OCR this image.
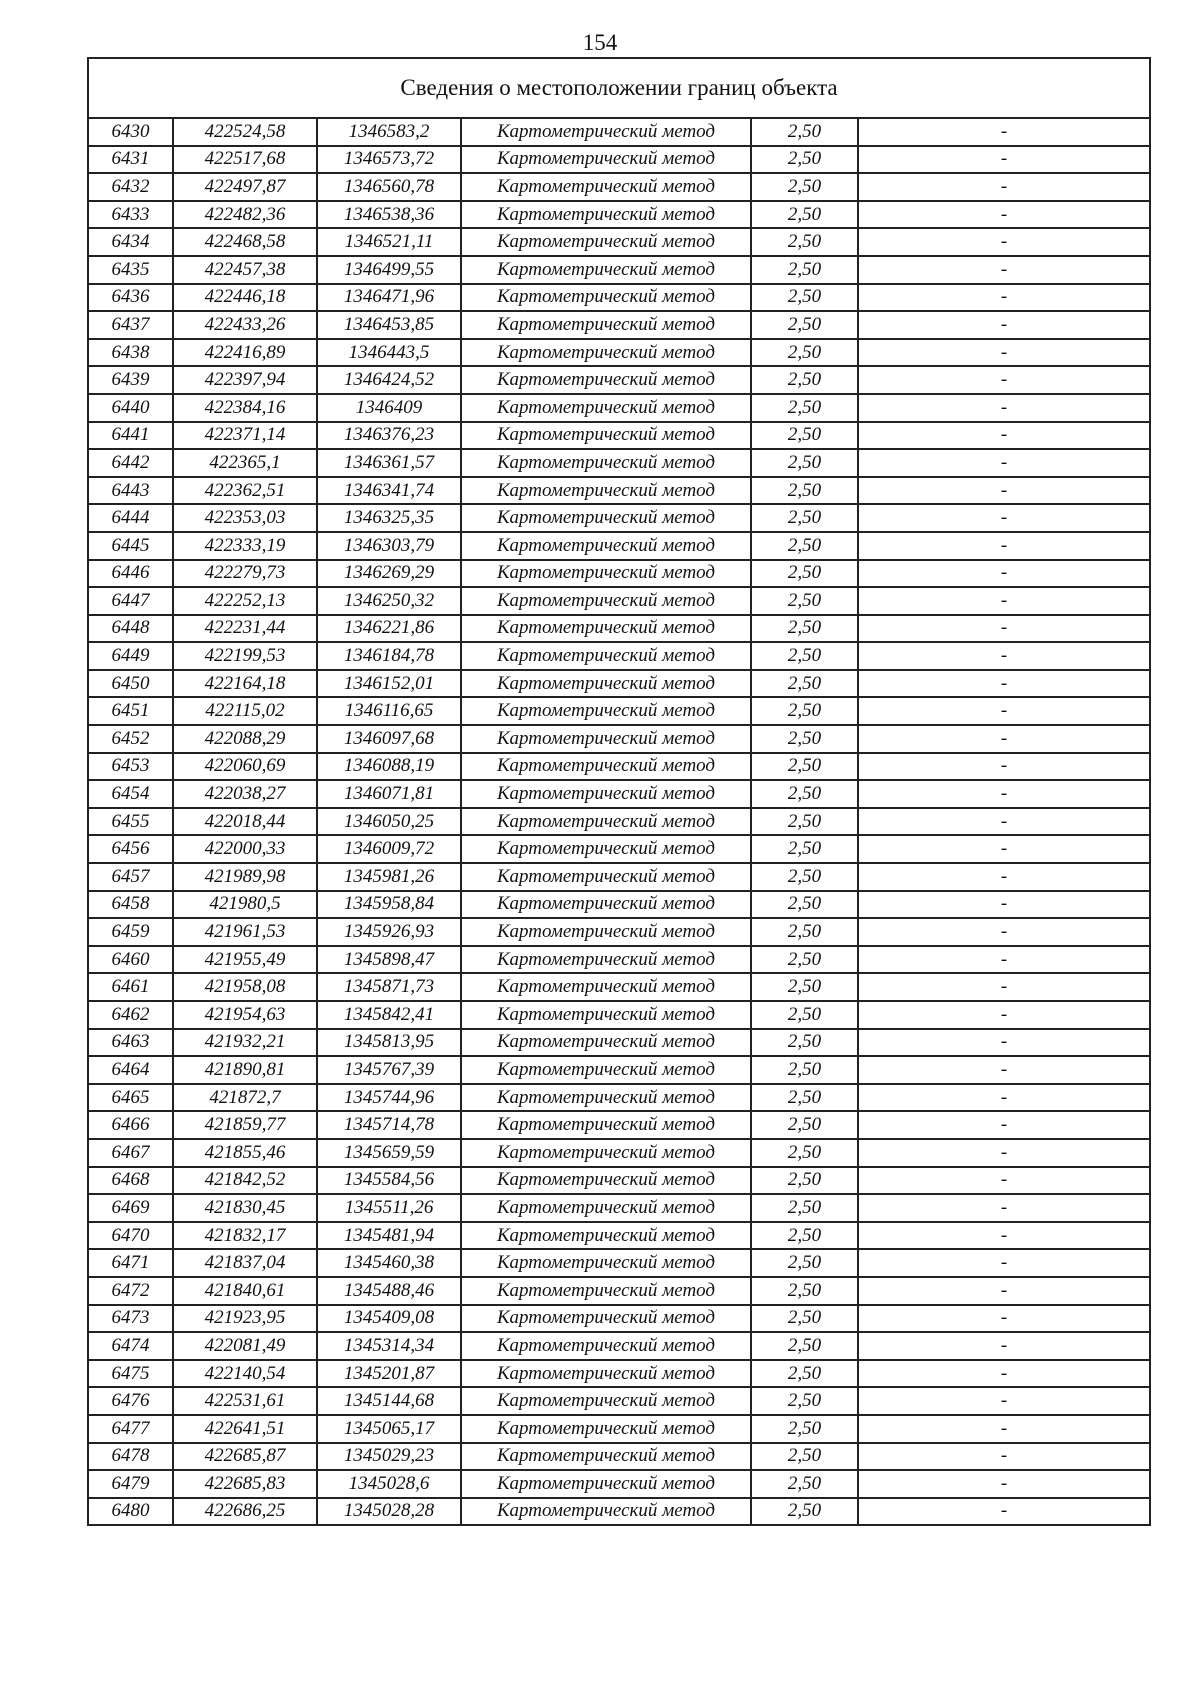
154
Сведения о местоположении границ объекта					
6430	422524,58	1346583,2	Картометрический метод	2,50	-
6431	422517,68	1346573,72	Картометрический метод	2,50	-
6432	422497,87	1346560,78	Картометрический метод	2,50	-
6433	422482,36	1346538,36	Картометрический метод	2,50	-
6434	422468,58	1346521,11	Картометрический метод	2,50	-
6435	422457,38	1346499,55	Картометрический метод	2,50	-
6436	422446,18	1346471,96	Картометрический метод	2,50	-
6437	422433,26	1346453,85	Картометрический метод	2,50	-
6438	422416,89	1346443,5	Картометрический метод	2,50	-
6439	422397,94	1346424,52	Картометрический метод	2,50	-
6440	422384,16	1346409	Картометрический метод	2,50	-
6441	422371,14	1346376,23	Картометрический метод	2,50	-
6442	422365,1	1346361,57	Картометрический метод	2,50	-
6443	422362,51	1346341,74	Картометрический метод	2,50	-
6444	422353,03	1346325,35	Картометрический метод	2,50	-
6445	422333,19	1346303,79	Картометрический метод	2,50	-
6446	422279,73	1346269,29	Картометрический метод	2,50	-
6447	422252,13	1346250,32	Картометрический метод	2,50	-
6448	422231,44	1346221,86	Картометрический метод	2,50	-
6449	422199,53	1346184,78	Картометрический метод	2,50	-
6450	422164,18	1346152,01	Картометрический метод	2,50	-
6451	422115,02	1346116,65	Картометрический метод	2,50	-
6452	422088,29	1346097,68	Картометрический метод	2,50	-
6453	422060,69	1346088,19	Картометрический метод	2,50	-
6454	422038,27	1346071,81	Картометрический метод	2,50	-
6455	422018,44	1346050,25	Картометрический метод	2,50	-
6456	422000,33	1346009,72	Картометрический метод	2,50	-
6457	421989,98	1345981,26	Картометрический метод	2,50	-
6458	421980,5	1345958,84	Картометрический метод	2,50	-
6459	421961,53	1345926,93	Картометрический метод	2,50	-
6460	421955,49	1345898,47	Картометрический метод	2,50	-
6461	421958,08	1345871,73	Картометрический метод	2,50	-
6462	421954,63	1345842,41	Картометрический метод	2,50	-
6463	421932,21	1345813,95	Картометрический метод	2,50	-
6464	421890,81	1345767,39	Картометрический метод	2,50	-
6465	421872,7	1345744,96	Картометрический метод	2,50	-
6466	421859,77	1345714,78	Картометрический метод	2,50	-
6467	421855,46	1345659,59	Картометрический метод	2,50	-
6468	421842,52	1345584,56	Картометрический метод	2,50	-
6469	421830,45	1345511,26	Картометрический метод	2,50	-
6470	421832,17	1345481,94	Картометрический метод	2,50	-
6471	421837,04	1345460,38	Картометрический метод	2,50	-
6472	421840,61	1345488,46	Картометрический метод	2,50	-
6473	421923,95	1345409,08	Картометрический метод	2,50	-
6474	422081,49	1345314,34	Картометрический метод	2,50	-
6475	422140,54	1345201,87	Картометрический метод	2,50	-
6476	422531,61	1345144,68	Картометрический метод	2,50	-
6477	422641,51	1345065,17	Картометрический метод	2,50	-
6478	422685,87	1345029,23	Картометрический метод	2,50	-
6479	422685,83	1345028,6	Картометрический метод	2,50	-
6480	422686,25	1345028,28	Картометрический метод	2,50	-
